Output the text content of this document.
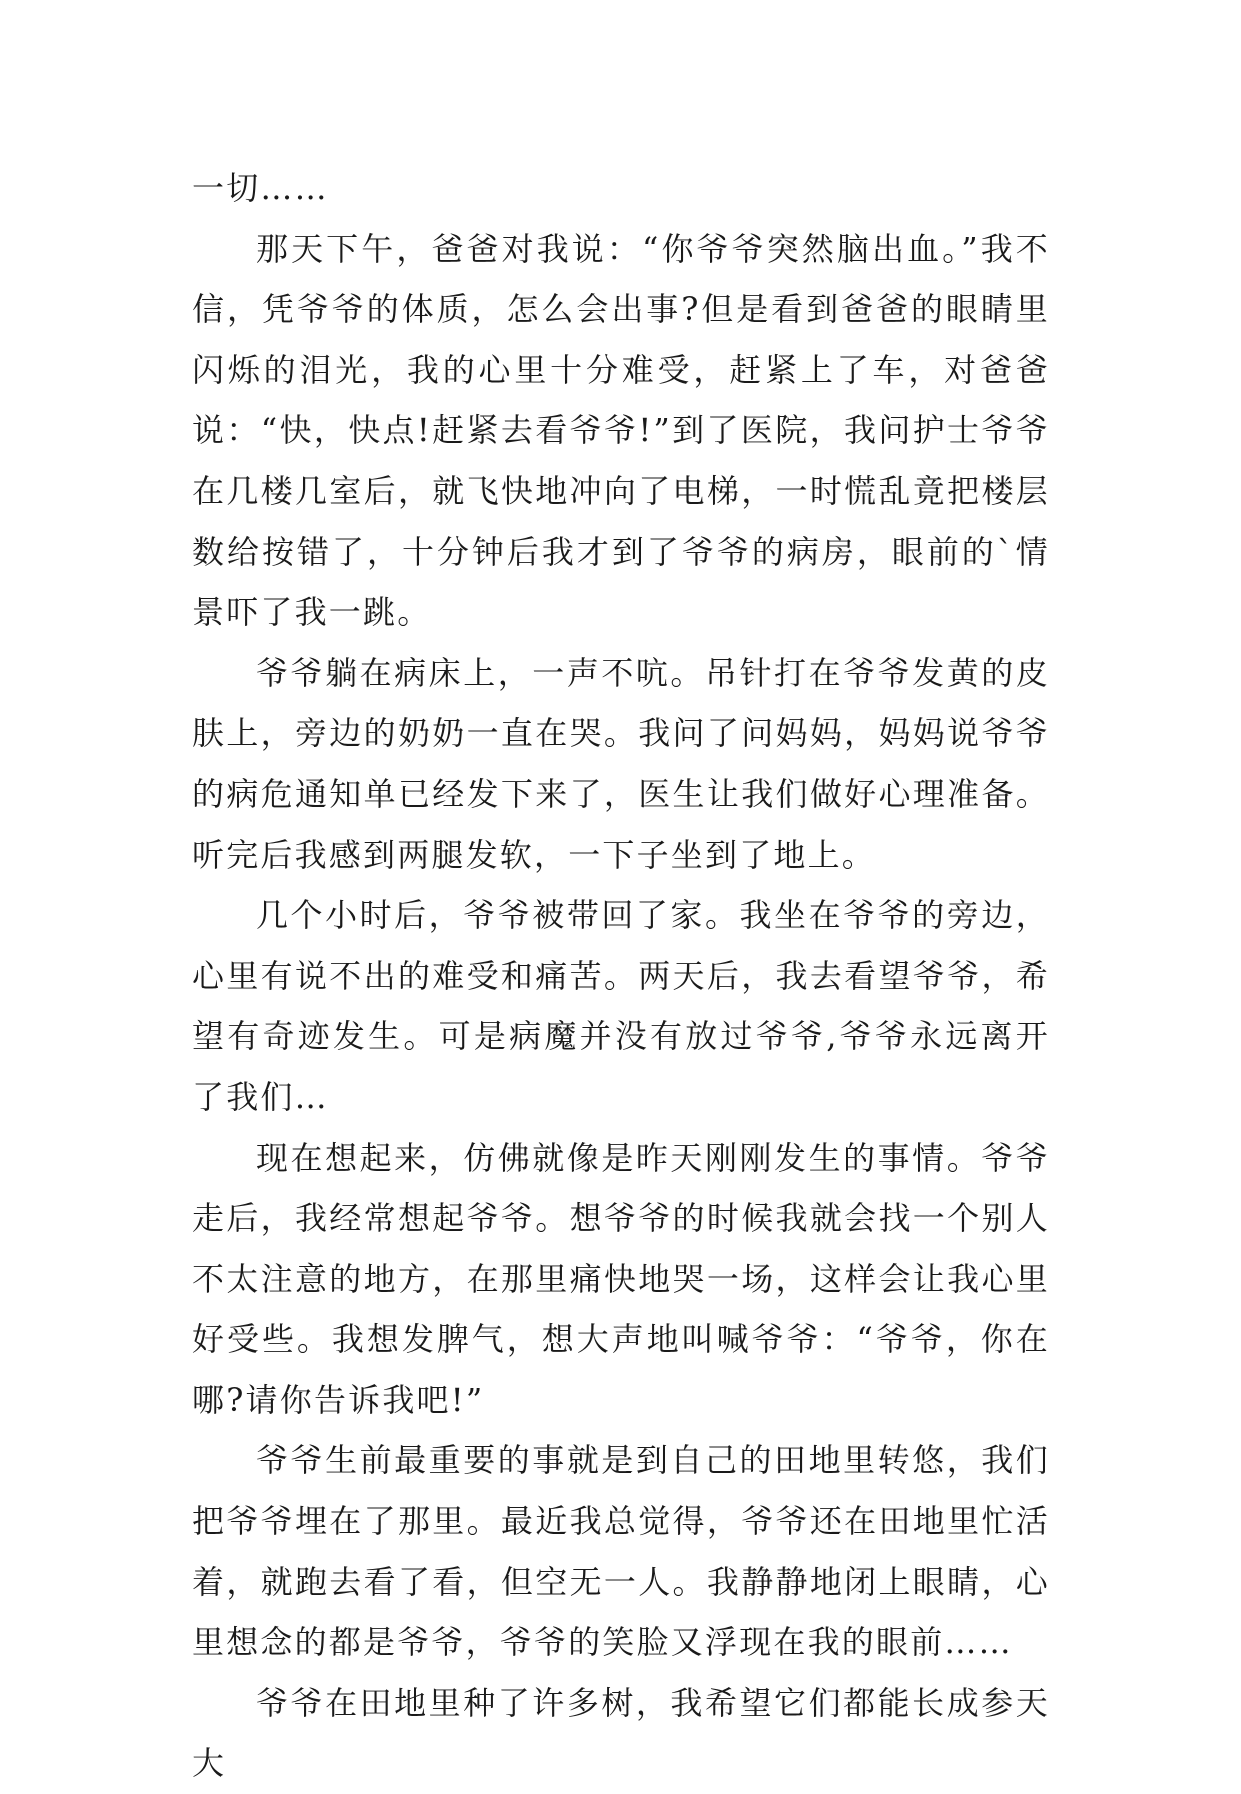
一切……

那天下午，爸爸对我说：“你爷爷突然脑出血。”我不信，凭爷爷的体质，怎么会出事?但是看到爸爸的眼睛里闪烁的泪光，我的心里十分难受，赶紧上了车，对爸爸说：“快，快点!赶紧去看爷爷!”到了医院，我问护士爷爷在几楼几室后，就飞快地冲向了电梯，一时慌乱竟把楼层数给按错了，十分钟后我才到了爷爷的病房，眼前的`情景吓了我一跳。

爷爷躺在病床上，一声不吭。吊针打在爷爷发黄的皮肤上，旁边的奶奶一直在哭。我问了问妈妈，妈妈说爷爷的病危通知单已经发下来了，医生让我们做好心理准备。听完后我感到两腿发软，一下子坐到了地上。

几个小时后，爷爷被带回了家。我坐在爷爷的旁边，心里有说不出的难受和痛苦。两天后，我去看望爷爷，希望有奇迹发生。可是病魔并没有放过爷爷,爷爷永远离开了我们…

现在想起来，仿佛就像是昨天刚刚发生的事情。爷爷走后，我经常想起爷爷。想爷爷的时候我就会找一个别人不太注意的地方，在那里痛快地哭一场，这样会让我心里好受些。我想发脾气，想大声地叫喊爷爷：“爷爷，你在哪?请你告诉我吧!”

爷爷生前最重要的事就是到自己的田地里转悠，我们把爷爷埋在了那里。最近我总觉得，爷爷还在田地里忙活着，就跑去看了看，但空无一人。我静静地闭上眼睛，心里想念的都是爷爷，爷爷的笑脸又浮现在我的眼前……

爷爷在田地里种了许多树，我希望它们都能长成参天大
